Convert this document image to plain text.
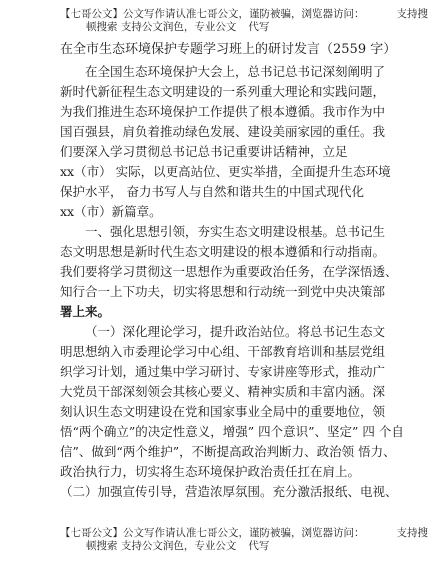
【七哥公文】公文写作请认准七哥公文，谨防被骗，浏览器访问：	支持搜
顿搜索 支持公文润色，专业公文 代写
在全市生态环境保护专题学习班上的研讨发言（2559 字）

在全国生态环境保护大会上，总书记总书记深刻阐明了
新时代新征程生态文明建设的一系列重大理论和实践问题，
为我们推进生态环境保护工作提供了根本遵循。我市作为中
国百强县，肩负着推动绿色发展、建设美丽家园的重任。我
们要深入学习贯彻总书记总书记重要讲话精神，立足
xx（市） 实际，以更高站位、更实举措，全面提升生态环境
保护水平， 奋力书写人与自然和谐共生的中国式现代化
xx（市）新篇章。

一、强化思想引领，夯实生态文明建设根基。总书记生
态文明思想是新时代生态文明建设的根本遵循和行动指南。
我们要将学习贯彻这一思想作为重要政治任务，在学深悟透、
知行合一上下功夫，切实将思想和行动统一到党中央决策部
署上来。

（一）深化理论学习，提升政治站位。将总书记生态文
明思想纳入市委理论学习中心组、干部教育培训和基层党组
织学习计划，通过集中学习研讨、专家讲座等形式，推动广
大党员干部深刻领会其核心要义、精神实质和丰富内涵。深
刻认识生态文明建设在党和国家事业全局中的重要地位，领
悟“两个确立”的决定性意义，增强” 四个意识”、坚定” 四 个自
信”、做到“两个维护”，不断提高政治判断力、政治领 悟力、
政治执行力，切实将生态环境保护政治责任扛在肩上。

（二）加强宣传引导，营造浓厚氛围。充分激活报纸、电视、

【七哥公文】公文写作请认准七哥公文，谨防被骗，浏览器访问：	支持搜
顿搜索 支持公文润色，专业公文 代写
